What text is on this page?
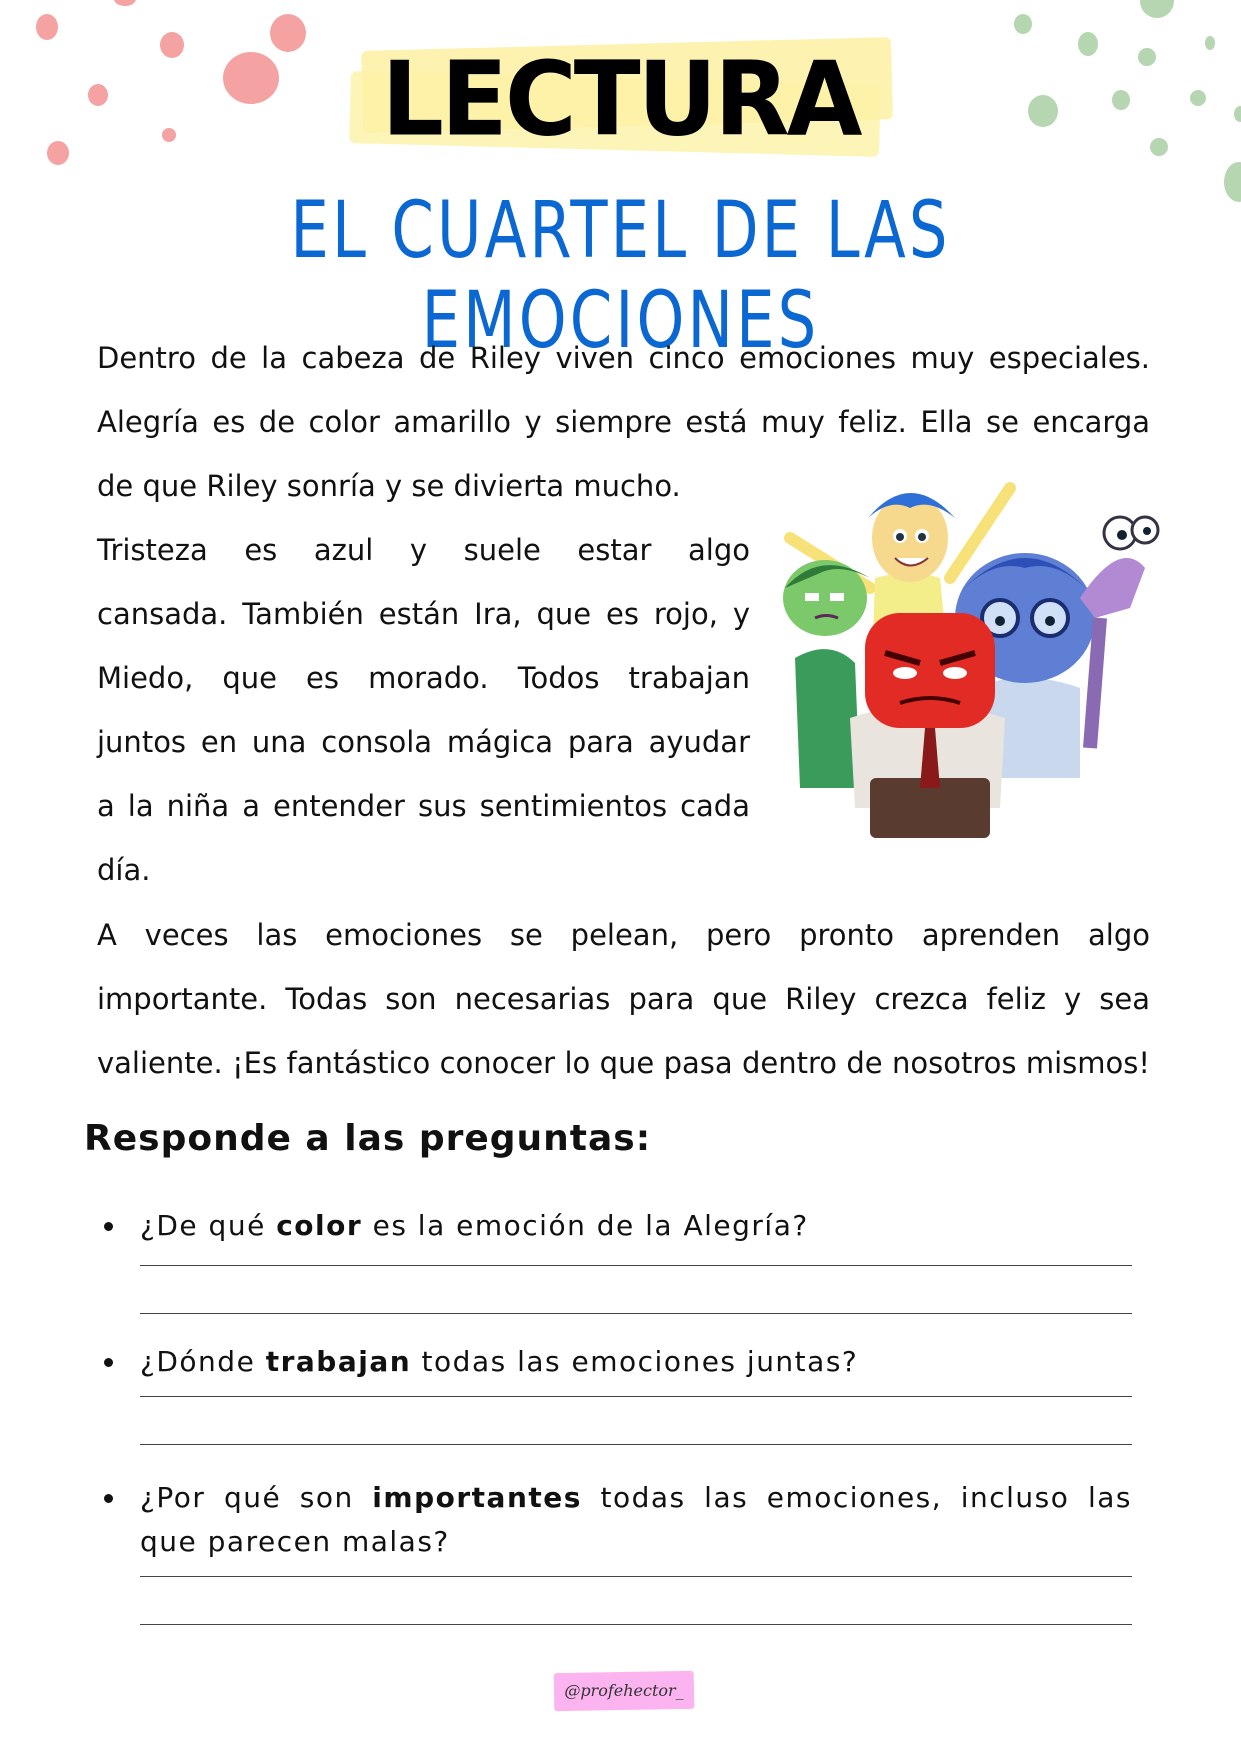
LECTURA
EL CUARTEL DE LAS EMOCIONES
Dentro de la cabeza de Riley viven cinco emociones muy especiales.
Alegría es de color amarillo y siempre está muy feliz. Ella se encarga
de que Riley sonría y se divierta mucho.
Tristeza es azul y suele estar algo
cansada. También están Ira, que es rojo, y
Miedo, que es morado. Todos trabajan
juntos en una consola mágica para ayudar
a la niña a entender sus sentimientos cada
día.
A veces las emociones se pelean, pero pronto aprenden algo
importante. Todas son necesarias para que Riley crezca feliz y sea
valiente. ¡Es fantástico conocer lo que pasa dentro de nosotros mismos!
Responde a las preguntas:
¿De qué color es la emoción de la Alegría?
¿Dónde trabajan todas las emociones juntas?
¿Por qué son importantes todas las emociones, incluso las
que parecen malas?
@profehector_
